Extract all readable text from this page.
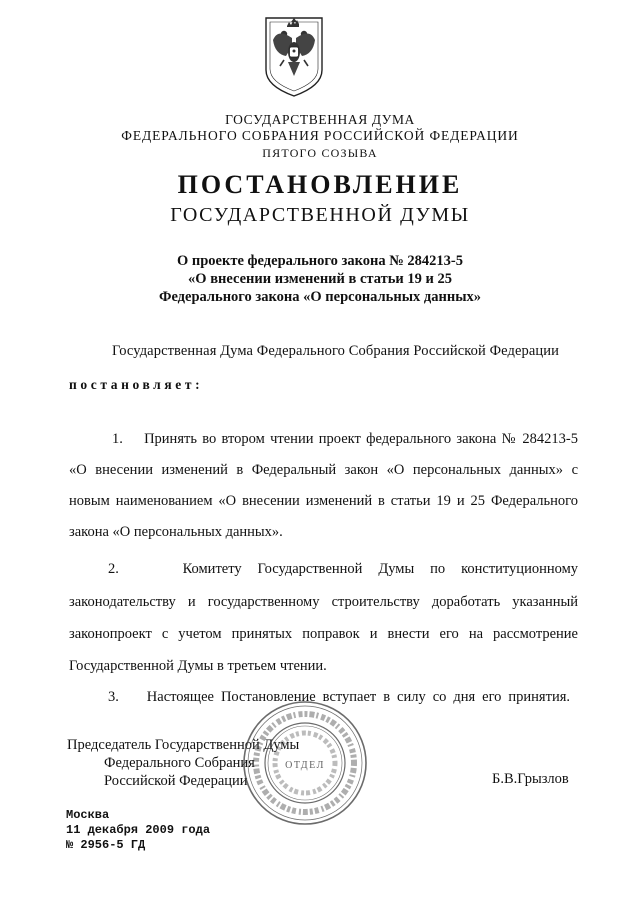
ГОСУДАРСТВЕННАЯ ДУМА
ФЕДЕРАЛЬНОГО СОБРАНИЯ РОССИЙСКОЙ ФЕДЕРАЦИИ
ПЯТОГО СОЗЫВА
ПОСТАНОВЛЕНИЕ
ГОСУДАРСТВЕННОЙ ДУМЫ
О проекте федерального закона № 284213-5
«О внесении изменений в статьи 19 и 25
Федерального закона «О персональных данных»
Государственная Дума Федерального Собрания Российской Федерации
постановляет:
1.    Принять во втором чтении проект федерального закона № 284213-5
«О внесении изменений в Федеральный закон «О персональных данных» с
новым наименованием «О внесении изменений в статьи 19 и 25 Федерального
закона «О персональных данных».
2.    Комитету Государственной Думы по конституционному
законодательству и государственному строительству доработать указанный
законопроект с учетом принятых поправок и внести его на рассмотрение
Государственной Думы в третьем чтении.
3.    Настоящее Постановление вступает в силу со дня его принятия.
Председатель Государственной Думы
Федерального Собрания
Российской Федерации	Б.В.Грызлов
ОТДЕЛ
Москва
11 декабря 2009 года
№ 2956-5 ГД
